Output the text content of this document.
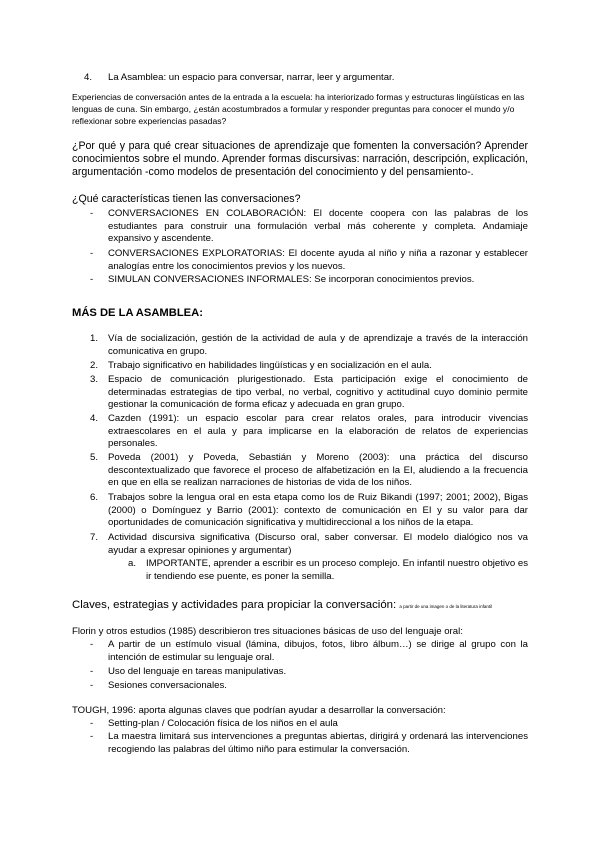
4. La Asamblea: un espacio para conversar, narrar, leer y argumentar.
Experiencias de conversación antes de la entrada a la escuela: ha interiorizado formas y estructuras lingüísticas en las lenguas de cuna. Sin embargo, ¿están acostumbrados a formular y responder preguntas para conocer el mundo y/o reflexionar sobre experiencias pasadas?
¿Por qué y para qué crear situaciones de aprendizaje que fomenten la conversación? Aprender conocimientos sobre el mundo. Aprender formas discursivas: narración, descripción, explicación, argumentación -como modelos de presentación del conocimiento y del pensamiento-.
¿Qué características tienen las conversaciones?
-	CONVERSACIONES EN COLABORACIÓN: El docente coopera con las palabras de los estudiantes para construir una formulación verbal más coherente y completa. Andamiaje expansivo y ascendente.
-	CONVERSACIONES EXPLORATORIAS: El docente ayuda al niño y niña a razonar y establecer analogías entre los conocimientos previos y los nuevos.
-	SIMULAN CONVERSACIONES INFORMALES: Se incorporan conocimientos previos.
MÁS DE LA ASAMBLEA:
1.	Vía de socialización, gestión de la actividad de aula y de aprendizaje a través de la interacción comunicativa en grupo.
2.	Trabajo significativo en habilidades lingüísticas y en socialización en el aula.
3.	Espacio de comunicación plurigestionado. Esta participación exige el conocimiento de determinadas estrategias de tipo verbal, no verbal, cognitivo y actitudinal cuyo dominio permite gestionar la comunicación de forma eficaz y adecuada en gran grupo.
4.	Cazden (1991): un espacio escolar para crear relatos orales, para introducir vivencias extraescolares en el aula y para implicarse en la elaboración de relatos de experiencias personales.
5.	Poveda (2001) y Poveda, Sebastián y Moreno (2003): una práctica del discurso descontextualizado que favorece el proceso de alfabetización en la EI, aludiendo a la frecuencia en que en ella se realizan narraciones de historias de vida de los niños.
6.	Trabajos sobre la lengua oral en esta etapa como los de Ruiz Bikandi (1997; 2001; 2002), Bigas (2000) o Domínguez y Barrio (2001): contexto de comunicación en EI y su valor para dar oportunidades de comunicación significativa y multidireccional a los niños de la etapa.
7.	Actividad discursiva significativa (Discurso oral, saber conversar. El modelo dialógico nos va ayudar a expresar opiniones y argumentar)
a.	IMPORTANTE, aprender a escribir es un proceso complejo. En infantil nuestro objetivo es ir tendiendo ese puente, es poner la semilla.
Claves, estrategias y actividades para propiciar la conversación: a partir de una imagen o de la literatura infantil
Florin y otros estudios (1985) describieron tres situaciones básicas de uso del lenguaje oral:
-	A partir de un estímulo visual (lámina, dibujos, fotos, libro álbum…) se dirige al grupo con la intención de estimular su lenguaje oral.
-	Uso del lenguaje en tareas manipulativas.
-	Sesiones conversacionales.
TOUGH, 1996: aporta algunas claves que podrían ayudar a desarrollar la conversación:
-	Setting-plan / Colocación física de los niños en el aula
-	La maestra limitará sus intervenciones a preguntas abiertas, dirigirá y ordenará las intervenciones recogiendo las palabras del último niño para estimular la conversación.
